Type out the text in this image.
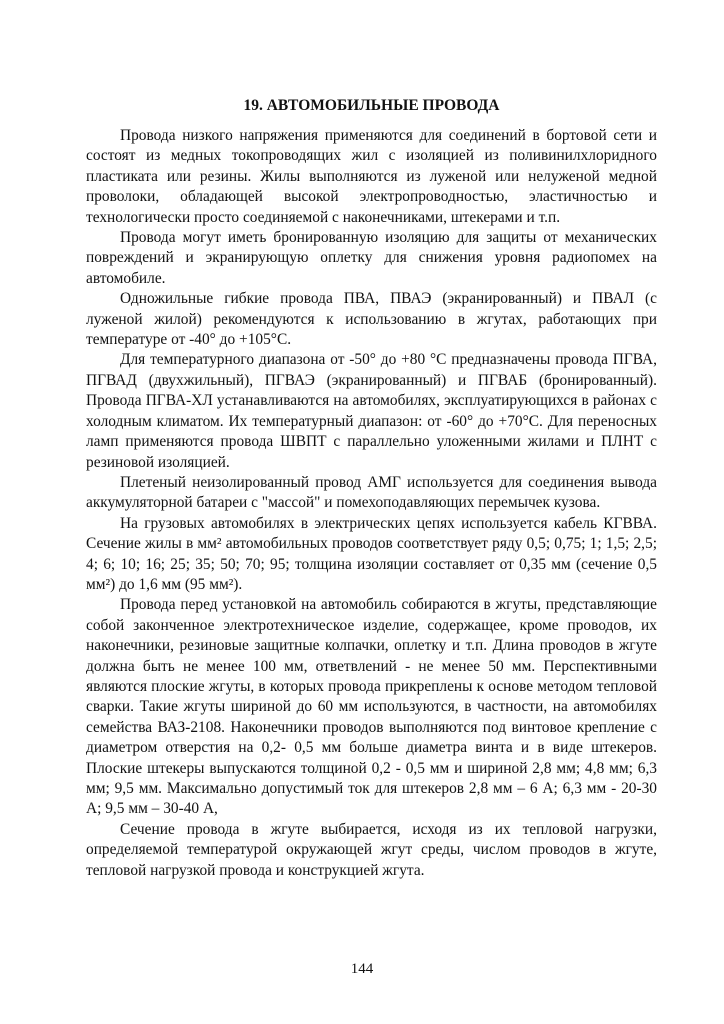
19. АВТОМОБИЛЬНЫЕ ПРОВОДА

Провода низкого напряжения применяются для соединений в бортовой сети и состоят из медных токопроводящих жил с изоляцией из поливинилхлоридного пластиката или резины. Жилы выполняются из луженой или нелуженой медной проволоки, обладающей высокой электропроводностью, эластичностью и технологически просто соединяемой с наконечниками, штекерами и т.п.

Провода могут иметь бронированную изоляцию для защиты от механических повреждений и экранирующую оплетку для снижения уровня радиопомех на автомобиле.

Одножильные гибкие провода ПВА, ПВАЭ (экранированный) и ПВАЛ (с луженой жилой) рекомендуются к использованию в жгутах, работающих при температуре от -40° до +105°С.

Для температурного диапазона от -50° до +80 °С предназначены провода ПГВА, ПГВАД (двухжильный), ПГВАЭ (экранированный) и ПГВАБ (бронированный). Провода ПГВА-ХЛ устанавливаются на автомобилях, эксплуатирующихся в районах с холодным климатом. Их температурный диапазон: от -60° до +70°С. Для переносных ламп применяются провода ШВПТ с параллельно уложенными жилами и ПЛНТ с резиновой изоляцией.

Плетеный неизолированный провод АМГ используется для соединения вывода аккумуляторной батареи с "массой" и помехоподавляющих перемычек кузова.

На грузовых автомобилях в электрических цепях используется кабель КГВВА. Сечение жилы в мм² автомобильных проводов соответствует ряду 0,5; 0,75; 1; 1,5; 2,5; 4; 6; 10; 16; 25; 35; 50; 70; 95; толщина изоляции составляет от 0,35 мм (сечение 0,5 мм²) до 1,6 мм (95 мм²).

Провода перед установкой на автомобиль собираются в жгуты, представляющие собой законченное электротехническое изделие, содержащее, кроме проводов, их наконечники, резиновые защитные колпачки, оплетку и т.п. Длина проводов в жгуте должна быть не менее 100 мм, ответвлений - не менее 50 мм. Перспективными являются плоские жгуты, в которых провода прикреплены к основе методом тепловой сварки. Такие жгуты шириной до 60 мм используются, в частности, на автомобилях семейства ВАЗ-2108. Наконечники проводов выполняются под винтовое крепление с диаметром отверстия на 0,2- 0,5 мм больше диаметра винта и в виде штекеров. Плоские штекеры выпускаются толщиной 0,2 - 0,5 мм и шириной 2,8 мм; 4,8 мм; 6,3 мм; 9,5 мм. Максимально допустимый ток для штекеров 2,8 мм – 6 А; 6,3 мм - 20-30 А; 9,5 мм – 30-40 А,

Сечение провода в жгуте выбирается, исходя из их тепловой нагрузки, определяемой температурой окружающей жгут среды, числом проводов в жгуте, тепловой нагрузкой провода и конструкцией жгута.

144
